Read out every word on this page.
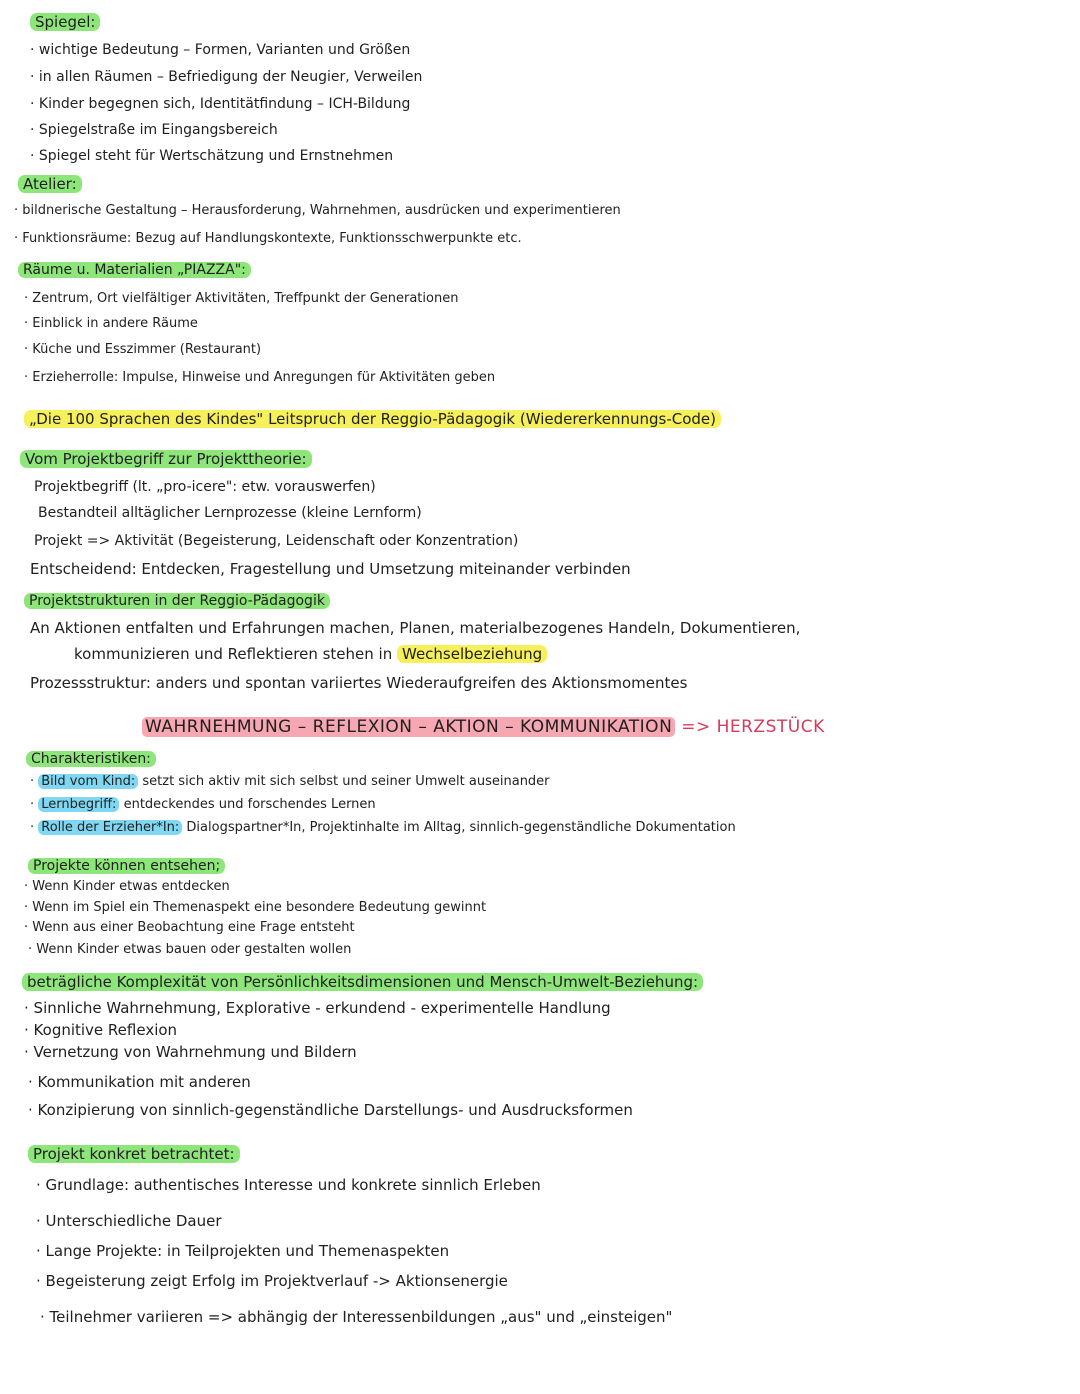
Spiegel:
· wichtige Bedeutung – Formen, Varianten und Größen
· in allen Räumen – Befriedigung der Neugier, Verweilen
· Kinder begegnen sich, Identitätfindung – ICH-Bildung
· Spiegelstraße im Eingangsbereich
· Spiegel steht für Wertschätzung und Ernstnehmen
Atelier:
· bildnerische Gestaltung – Herausforderung, Wahrnehmen, ausdrücken und experimentieren
· Funktionsräume: Bezug auf Handlungskontexte, Funktionsschwerpunkte etc.
Räume u. Materialien „PIAZZA":
· Zentrum, Ort vielfältiger Aktivitäten, Treffpunkt der Generationen
· Einblick in andere Räume
· Küche und Esszimmer (Restaurant)
· Erzieherrolle: Impulse, Hinweise und Anregungen für Aktivitäten geben
„Die 100 Sprachen des Kindes" Leitspruch der Reggio-Pädagogik (Wiedererkennungs-Code)
Vom Projektbegriff zur Projekttheorie:
Projektbegriff (lt. „pro-icere": etw. vorauswerfen)
Bestandteil alltäglicher Lernprozesse (kleine Lernform)
Projekt => Aktivität (Begeisterung, Leidenschaft oder Konzentration)
Entscheidend: Entdecken, Fragestellung und Umsetzung miteinander verbinden
Projektstrukturen in der Reggio-Pädagogik
An Aktionen entfalten und Erfahrungen machen, Planen, materialbezogenes Handeln, Dokumentieren,
kommunizieren und Reflektieren stehen in Wechselbeziehung
Prozessstruktur: anders und spontan variiertes Wiederaufgreifen des Aktionsmomentes
WAHRNEHMUNG – REFLEXION – AKTION – KOMMUNIKATION => HERZSTÜCK
Charakteristiken:
· Bild vom Kind: setzt sich aktiv mit sich selbst und seiner Umwelt auseinander
· Lernbegriff: entdeckendes und forschendes Lernen
· Rolle der Erzieher*In: Dialogspartner*In, Projektinhalte im Alltag, sinnlich-gegenständliche Dokumentation
Projekte können entsehen;
· Wenn Kinder etwas entdecken
· Wenn im Spiel ein Themenaspekt eine besondere Bedeutung gewinnt
· Wenn aus einer Beobachtung eine Frage entsteht
· Wenn Kinder etwas bauen oder gestalten wollen
beträgliche Komplexität von Persönlichkeitsdimensionen und Mensch-Umwelt-Beziehung:
· Sinnliche Wahrnehmung, Explorative - erkundend - experimentelle Handlung
· Kognitive Reflexion
· Vernetzung von Wahrnehmung und Bildern
· Kommunikation mit anderen
· Konzipierung von sinnlich-gegenständliche Darstellungs- und Ausdrucksformen
Projekt konkret betrachtet:
· Grundlage: authentisches Interesse und konkrete sinnlich Erleben
· Unterschiedliche Dauer
· Lange Projekte: in Teilprojekten und Themenaspekten
· Begeisterung zeigt Erfolg im Projektverlauf -> Aktionsenergie
· Teilnehmer variieren => abhängig der Interessenbildungen „aus" und „einsteigen"
